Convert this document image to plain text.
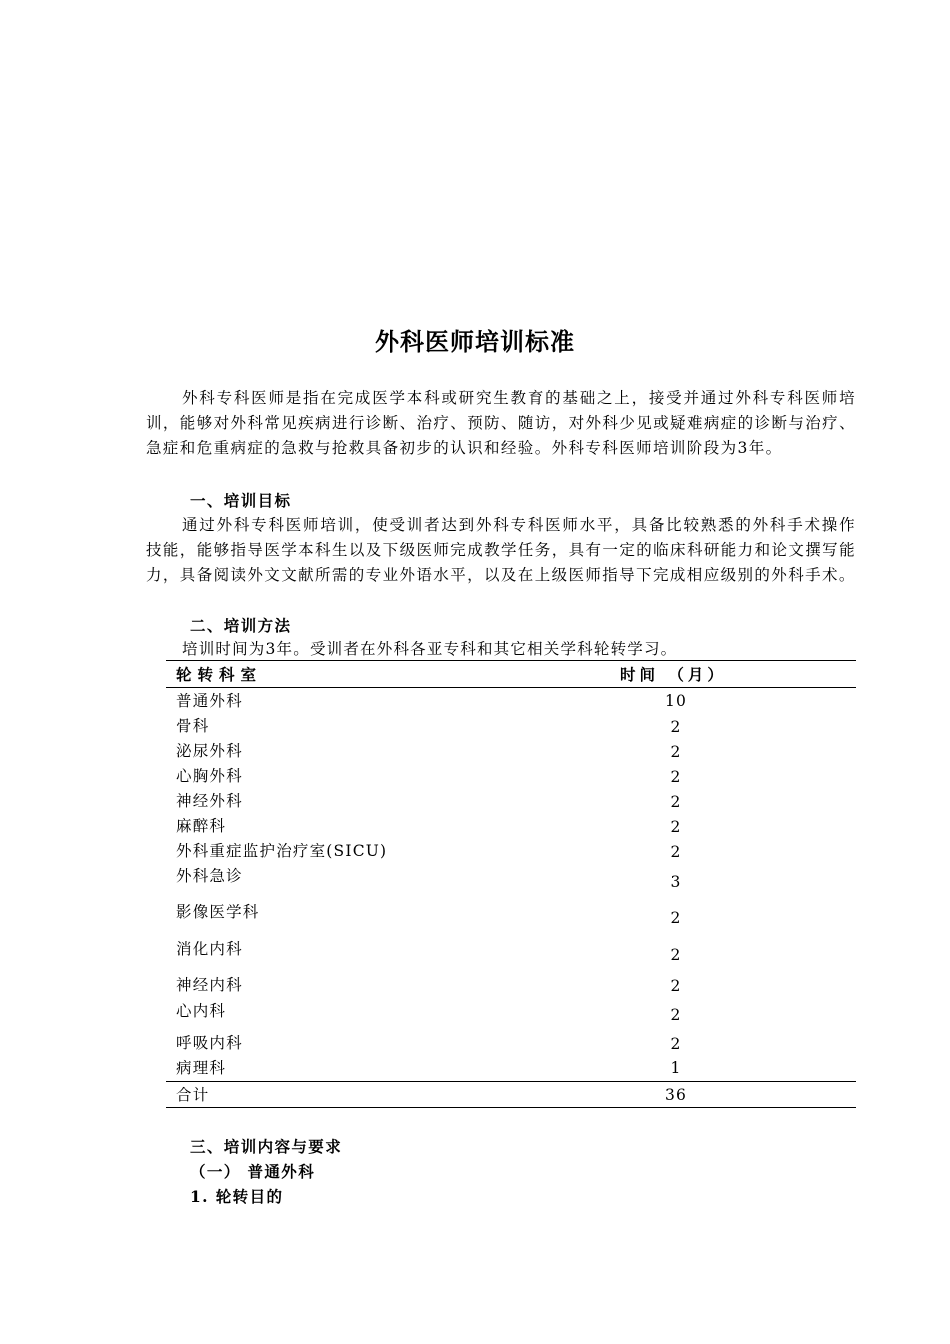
外科医师培训标准

外科专科医师是指在完成医学本科或研究生教育的基础之上，接受并通过外科专科医师培训，能够对外科常见疾病进行诊断、治疗、预防、随访，对外科少见或疑难病症的诊断与治疗、急症和危重病症的急救与抢救具备初步的认识和经验。外科专科医师培训阶段为3年。

一、培训目标

通过外科专科医师培训，使受训者达到外科专科医师水平，具备比较熟悉的外科手术操作技能，能够指导医学本科生以及下级医师完成教学任务，具有一定的临床科研能力和论文撰写能力，具备阅读外文文献所需的专业外语水平，以及在上级医师指导下完成相应级别的外科手术。

二、培训方法
培训时间为3年。受训者在外科各亚专科和其它相关学科轮转学习。
轮转科室	时间 （月）
普通外科	10
骨科	2
泌尿外科	2
心胸外科	2
神经外科	2
麻醉科	2
外科重症监护治疗室(SICU)	2
外科急诊	3
影像医学科	2
消化内科	2
神经内科	2
心内科	2
呼吸内科	2
病理科	1
合计	36
三、培训内容与要求
（一） 普通外科
1. 轮转目的
